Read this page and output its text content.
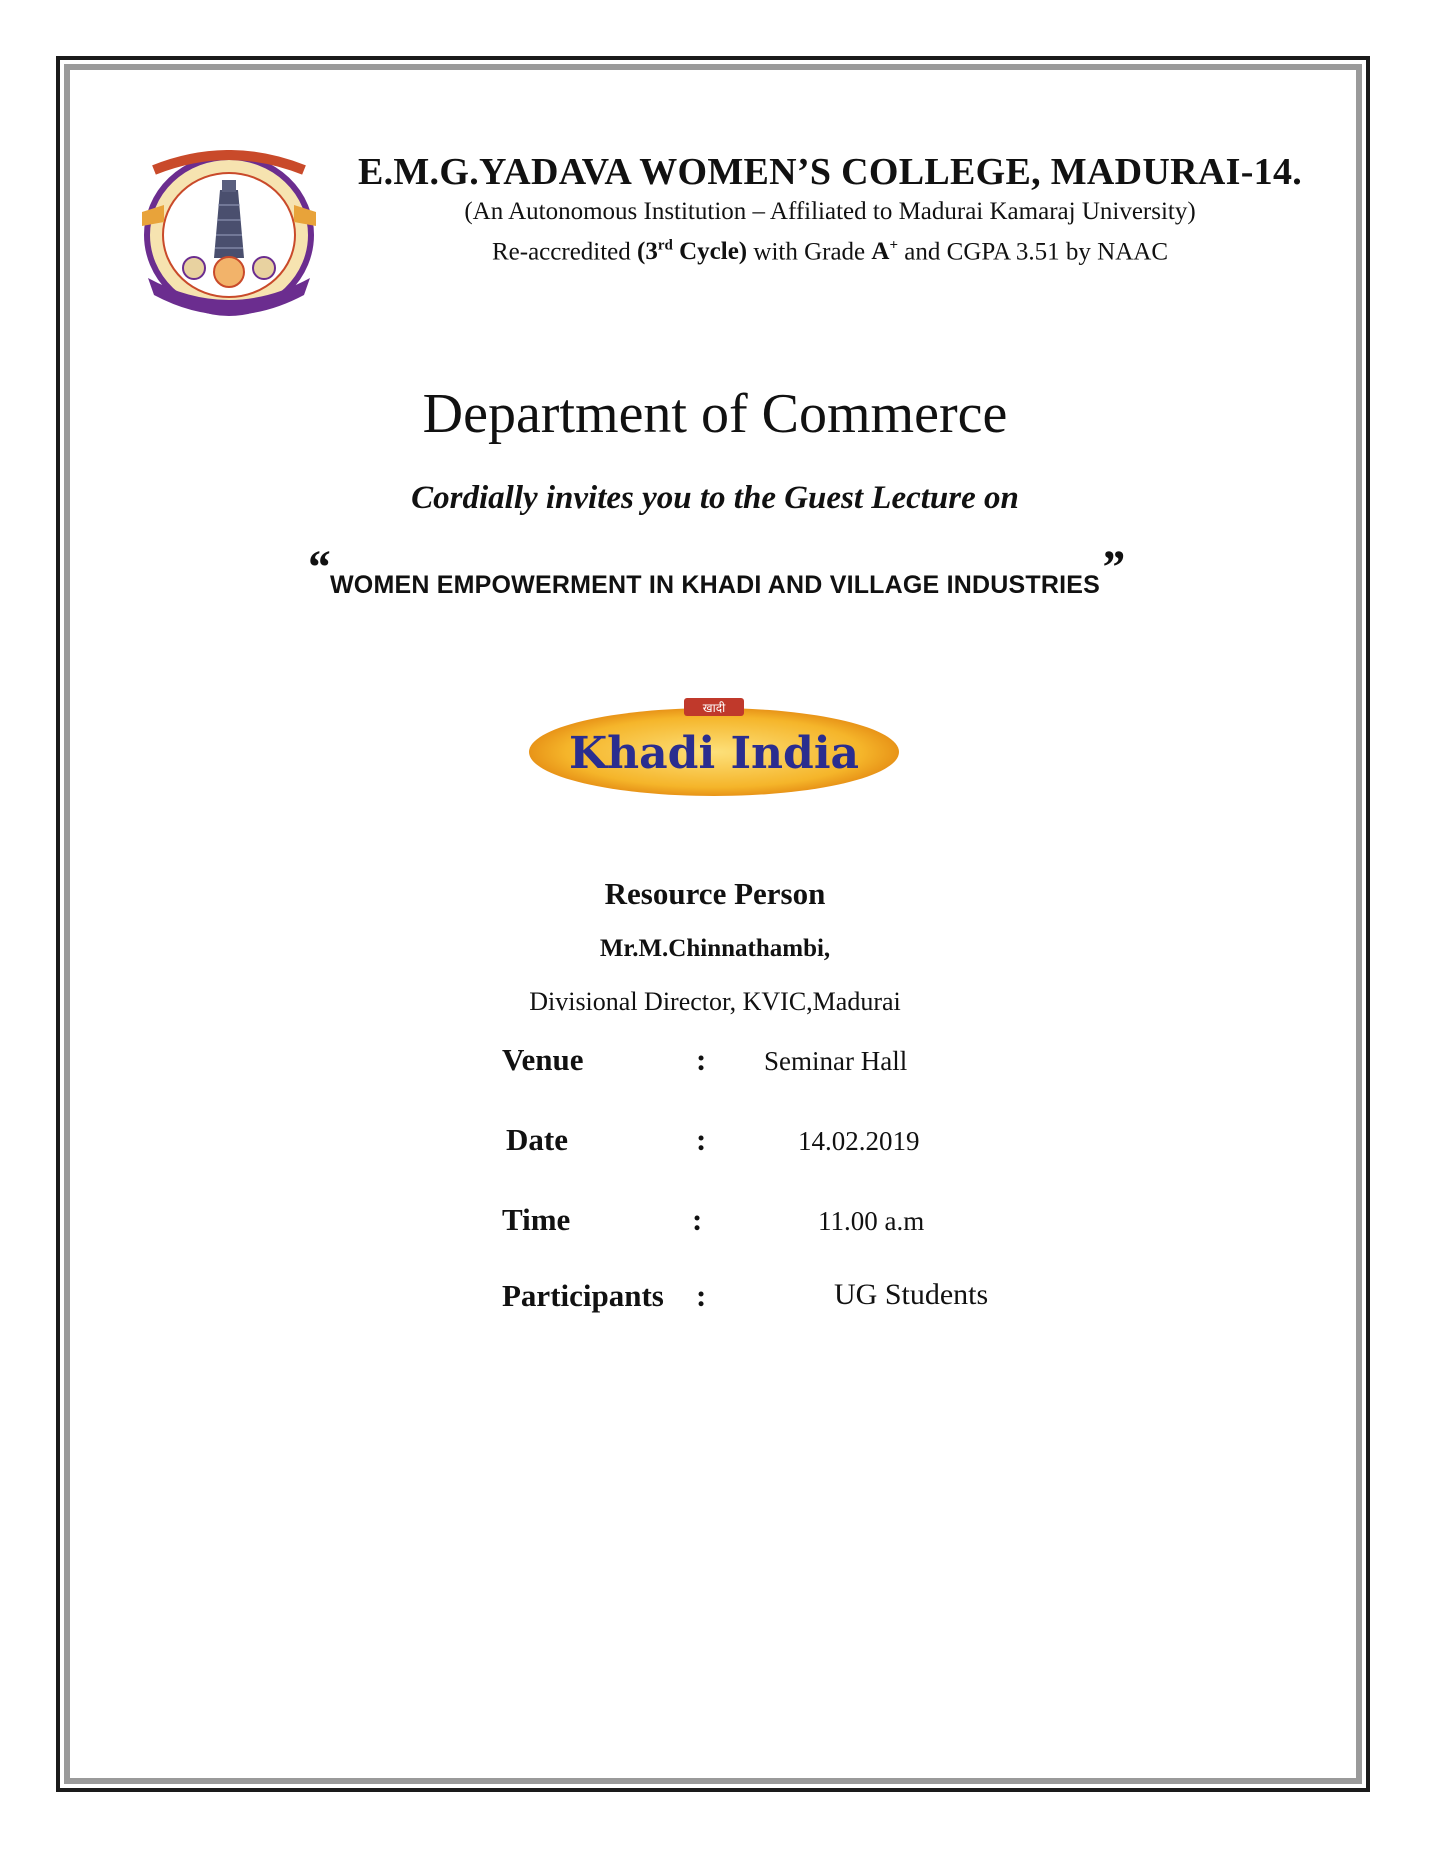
E.M.G.YADAVA WOMEN’S COLLEGE, MADURAI-14.

(An Autonomous Institution – Affiliated to Madurai Kamaraj University)

Re-accredited (3rd Cycle) with Grade A+ and CGPA 3.51 by NAAC

Department of Commerce
Cordially invites you to the Guest Lecture on
“WOMEN EMPOWERMENT IN KHADI AND VILLAGE INDUSTRIES”
खादी
Khadi India
Resource Person
Mr.M.Chinnathambi,
Divisional Director, KVIC,Madurai
Venue	: Seminar Hall
Date	:	14.02.2019
Time	:	11.00 a.m
Participants :	UG Students
